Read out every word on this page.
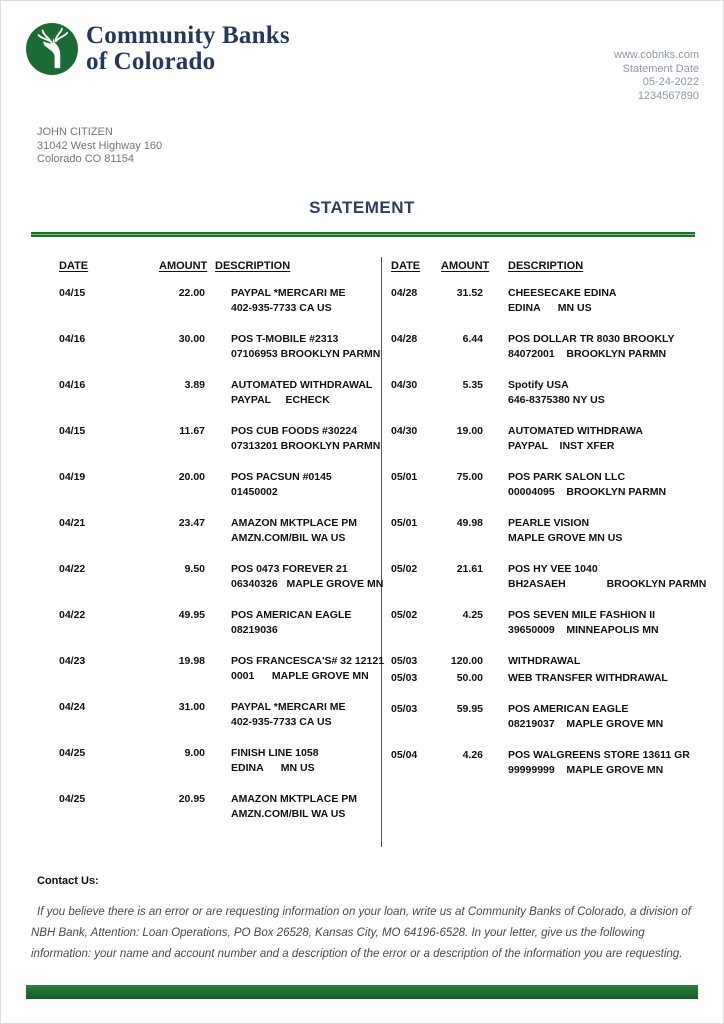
Community Banks
of Colorado	www.cobnks.com
Statement Date
05-24-2022
1234567890
JOHN CITIZEN
31042 West Highway 160
Colorado CO 81154
STATEMENT
DATE	AMOUNT DESCRIPTION
04/15	22.00 PAYPAL *MERCARI ME
402-935-7733 CA US
04/16	30.00 POS T-MOBILE #2313
07106953 BROOKLYN PARMN
04/16	3.89 AUTOMATED WITHDRAWAL
PAYPAL     ECHECK
04/15	11.67 POS CUB FOODS #30224
07313201 BROOKLYN PARMN
04/19	20.00 POS PACSUN #0145
01450002
04/21	23.47 AMAZON MKTPLACE PM
AMZN.COM/BIL WA US
04/22	9.50 POS 0473 FOREVER 21
06340326   MAPLE GROVE MN
04/22	49.95 POS AMERICAN EAGLE
08219036
04/23	19.98 POS FRANCESCA'S# 32 12121
0001      MAPLE GROVE MN
04/24	31.00 PAYPAL *MERCARI ME
402-935-7733 CA US
04/25	9.00 FINISH LINE 1058
EDINA      MN US
04/25	20.95 AMAZON MKTPLACE PM
AMZN.COM/BIL WA US
DATE	AMOUNT	DESCRIPTION
04/28	31.52 CHEESECAKE EDINA
EDINA      MN US
04/28	6.44 POS DOLLAR TR 8030 BROOKLY
84072001    BROOKLYN PARMN
04/30	5.35 Spotify USA
646-8375380 NY US
04/30	19.00 AUTOMATED WITHDRAWA
PAYPAL    INST XFER
05/01	75.00 POS PARK SALON LLC
00004095    BROOKLYN PARMN
05/01	49.98 PEARLE VISION
MAPLE GROVE MN US
05/02	21.61 POS HY VEE 1040
BH2ASAEH              BROOKLYN PARMN
05/02	4.25 POS SEVEN MILE FASHION II
39650009    MINNEAPOLIS MN
05/03	120.00 WITHDRAWAL
05/03	50.00 WEB TRANSFER WITHDRAWAL
05/03	59.95 POS AMERICAN EAGLE
08219037    MAPLE GROVE MN
05/04	4.26 POS WALGREENS STORE 13611 GR
99999999    MAPLE GROVE MN
Contact Us:
If you believe there is an error or are requesting information on your loan, write us at Community Banks of Colorado, a division of NBH Bank, Attention: Loan Operations, PO Box 26528, Kansas City, MO 64196-6528. In your letter, give us the following information: your name and account number and a description of the error or a description of the information you are requesting.
